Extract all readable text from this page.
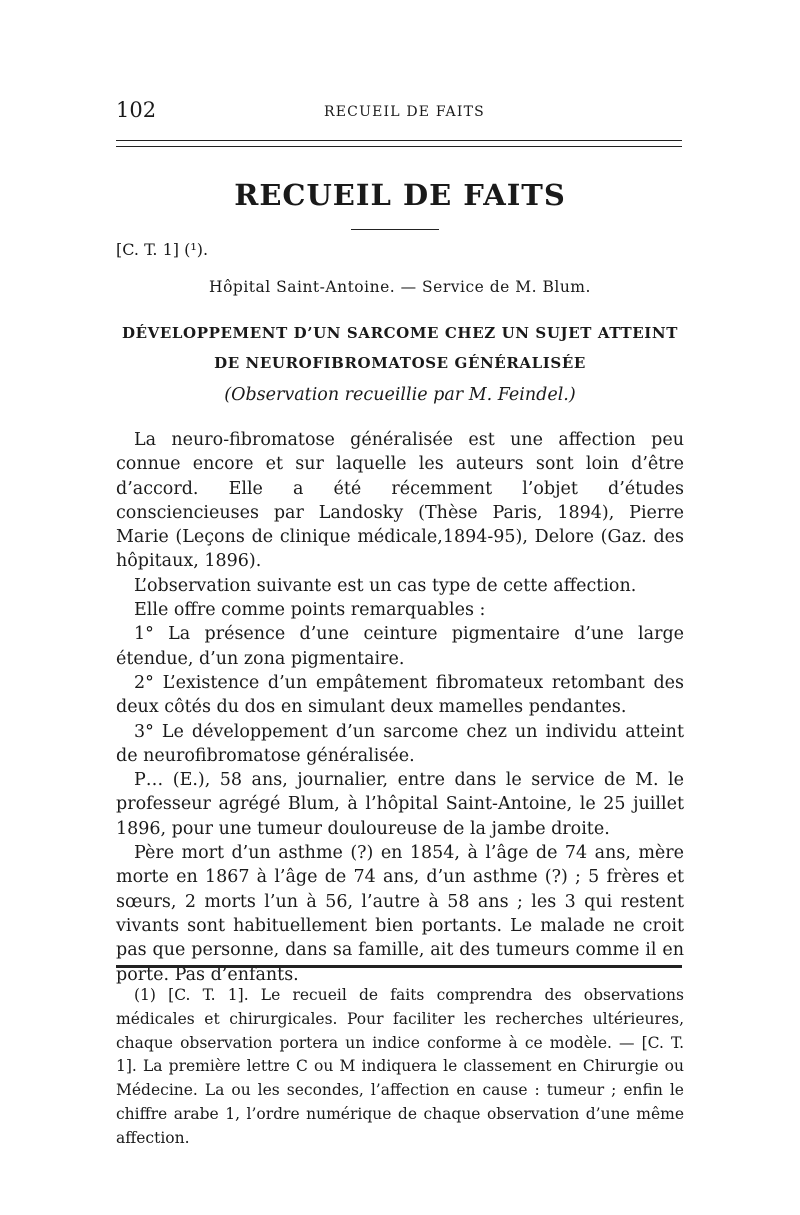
102	RECUEIL DE FAITS
RECUEIL DE FAITS
[C. T. 1] (¹).
Hôpital Saint-Antoine. — Service de M. Blum.
DÉVELOPPEMENT D’UN SARCOME CHEZ UN SUJET ATTEINT DE NEUROFIBROMATOSE GÉNÉRALISÉE
(Observation recueillie par M. Feindel.)

La neuro-fibromatose généralisée est une affection peu connue encore et sur laquelle les auteurs sont loin d’être d’accord. Elle a été récemment l’objet d’études consciencieuses par Landosky (Thèse Paris, 1894), Pierre Marie (Leçons de clinique médicale,1894-95), Delore (Gaz. des hôpitaux, 1896).

L’observation suivante est un cas type de cette affection.

Elle offre comme points remarquables :

1° La présence d’une ceinture pigmentaire d’une large étendue, d’un zona pigmentaire.

2° L’existence d’un empâtement fibromateux retombant des deux côtés du dos en simulant deux mamelles pendantes.

3° Le développement d’un sarcome chez un individu atteint de neurofibromatose généralisée.

P… (E.), 58 ans, journalier, entre dans le service de M. le professeur agrégé Blum, à l’hôpital Saint-Antoine, le 25 juillet 1896, pour une tumeur douloureuse de la jambe droite.

Père mort d’un asthme (?) en 1854, à l’âge de 74 ans, mère morte en 1867 à l’âge de 74 ans, d’un asthme (?) ; 5 frères et sœurs, 2 morts l’un à 56, l’autre à 58 ans ; les 3 qui restent vivants sont habituellement bien portants. Le malade ne croit pas que personne, dans sa famille, ait des tumeurs comme il en porte. Pas d’enfants.

(1) [C. T. 1]. Le recueil de faits comprendra des observations médicales et chirurgicales. Pour faciliter les recherches ultérieures, chaque observation portera un indice conforme à ce modèle. — [C. T. 1]. La première lettre C ou M indiquera le classement en Chirurgie ou Médecine. La ou les secondes, l’affection en cause : tumeur ; enfin le chiffre arabe 1, l’ordre numérique de chaque observation d’une même affection.
